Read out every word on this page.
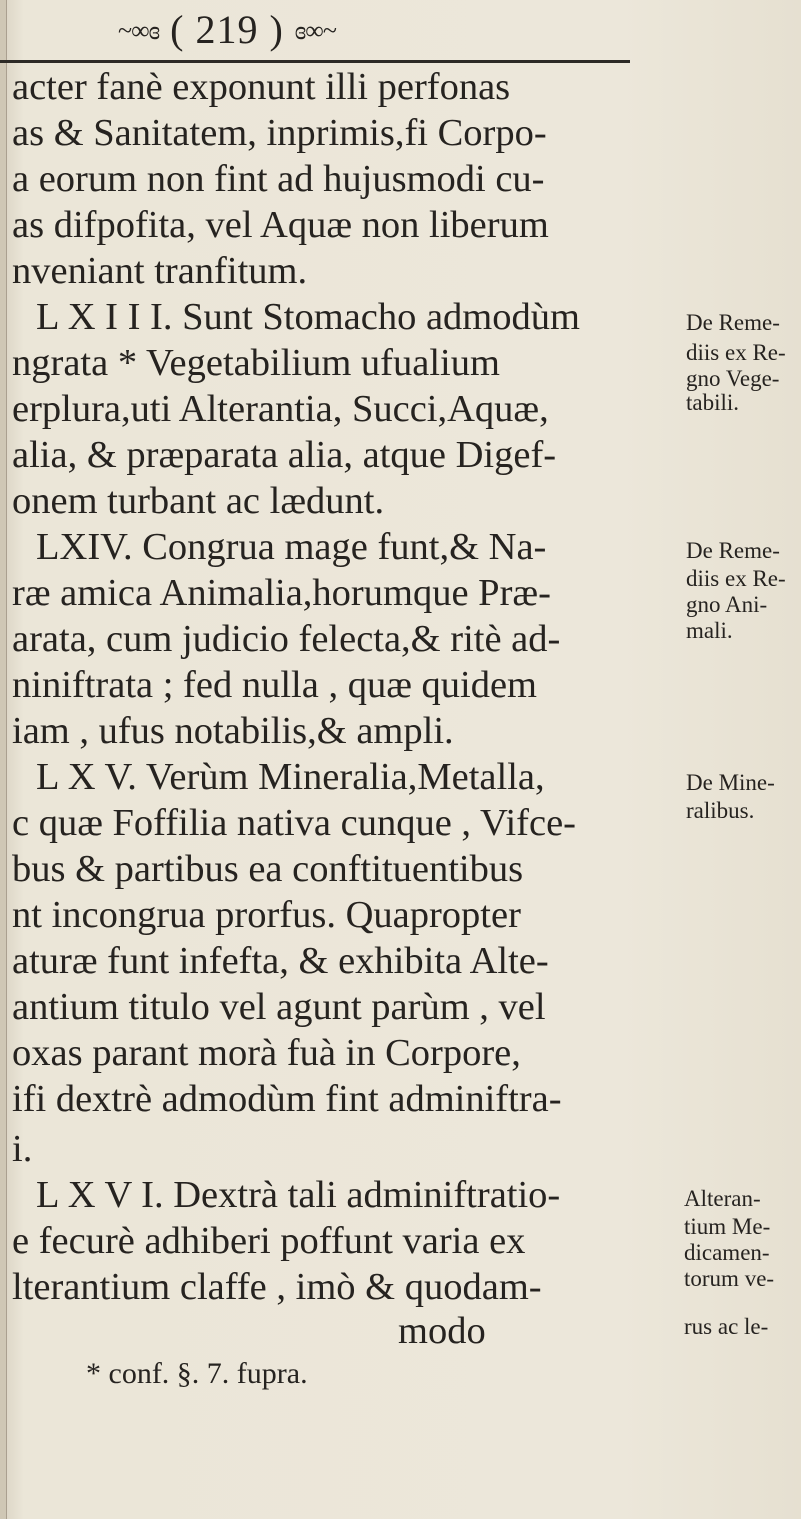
~∞ɞ ( 219 ) ɞ∞~
acter fanè exponunt illi perfonas
as & Sanitatem, inprimis,fi Corpo-
a eorum non fint ad hujusmodi cu-
as difpofita, vel Aquæ non liberum
nveniant tranfitum.
L X I I I. Sunt Stomacho admodùm
ngrata * Vegetabilium ufualium
erplura,uti Alterantia, Succi,Aquæ,
alia, & præparata alia, atque Digef-
onem turbant ac lædunt.
LXIV. Congrua mage funt,& Na-
ræ amica Animalia,horumque Præ-
arata, cum judicio felecta,& ritè ad-
niniftrata ; fed nulla , quæ quidem
iam , ufus notabilis,& ampli.
L X V. Verùm Mineralia,Metalla,
c quæ Foffilia nativa cunque , Vifce-
bus & partibus ea conftituentibus
nt incongrua prorfus. Quapropter
aturæ funt infefta, & exhibita Alte-
antium titulo vel agunt parùm , vel
oxas parant morà fuà in Corpore,
ifi dextrè admodùm fint adminiftra-
i.
L X V I. Dextrà tali adminiftratio-
e fecurè adhiberi poffunt varia ex
lterantium claffe , imò & quodam-
modo
De Reme-
diis ex Re-
gno Vege-
tabili.
De Reme-
diis ex Re-
gno Ani-
mali.
De Mine-
ralibus.
Alteran-
tium Me-
dicamen-
torum ve-
rus ac le-
* conf. §. 7. fupra.
